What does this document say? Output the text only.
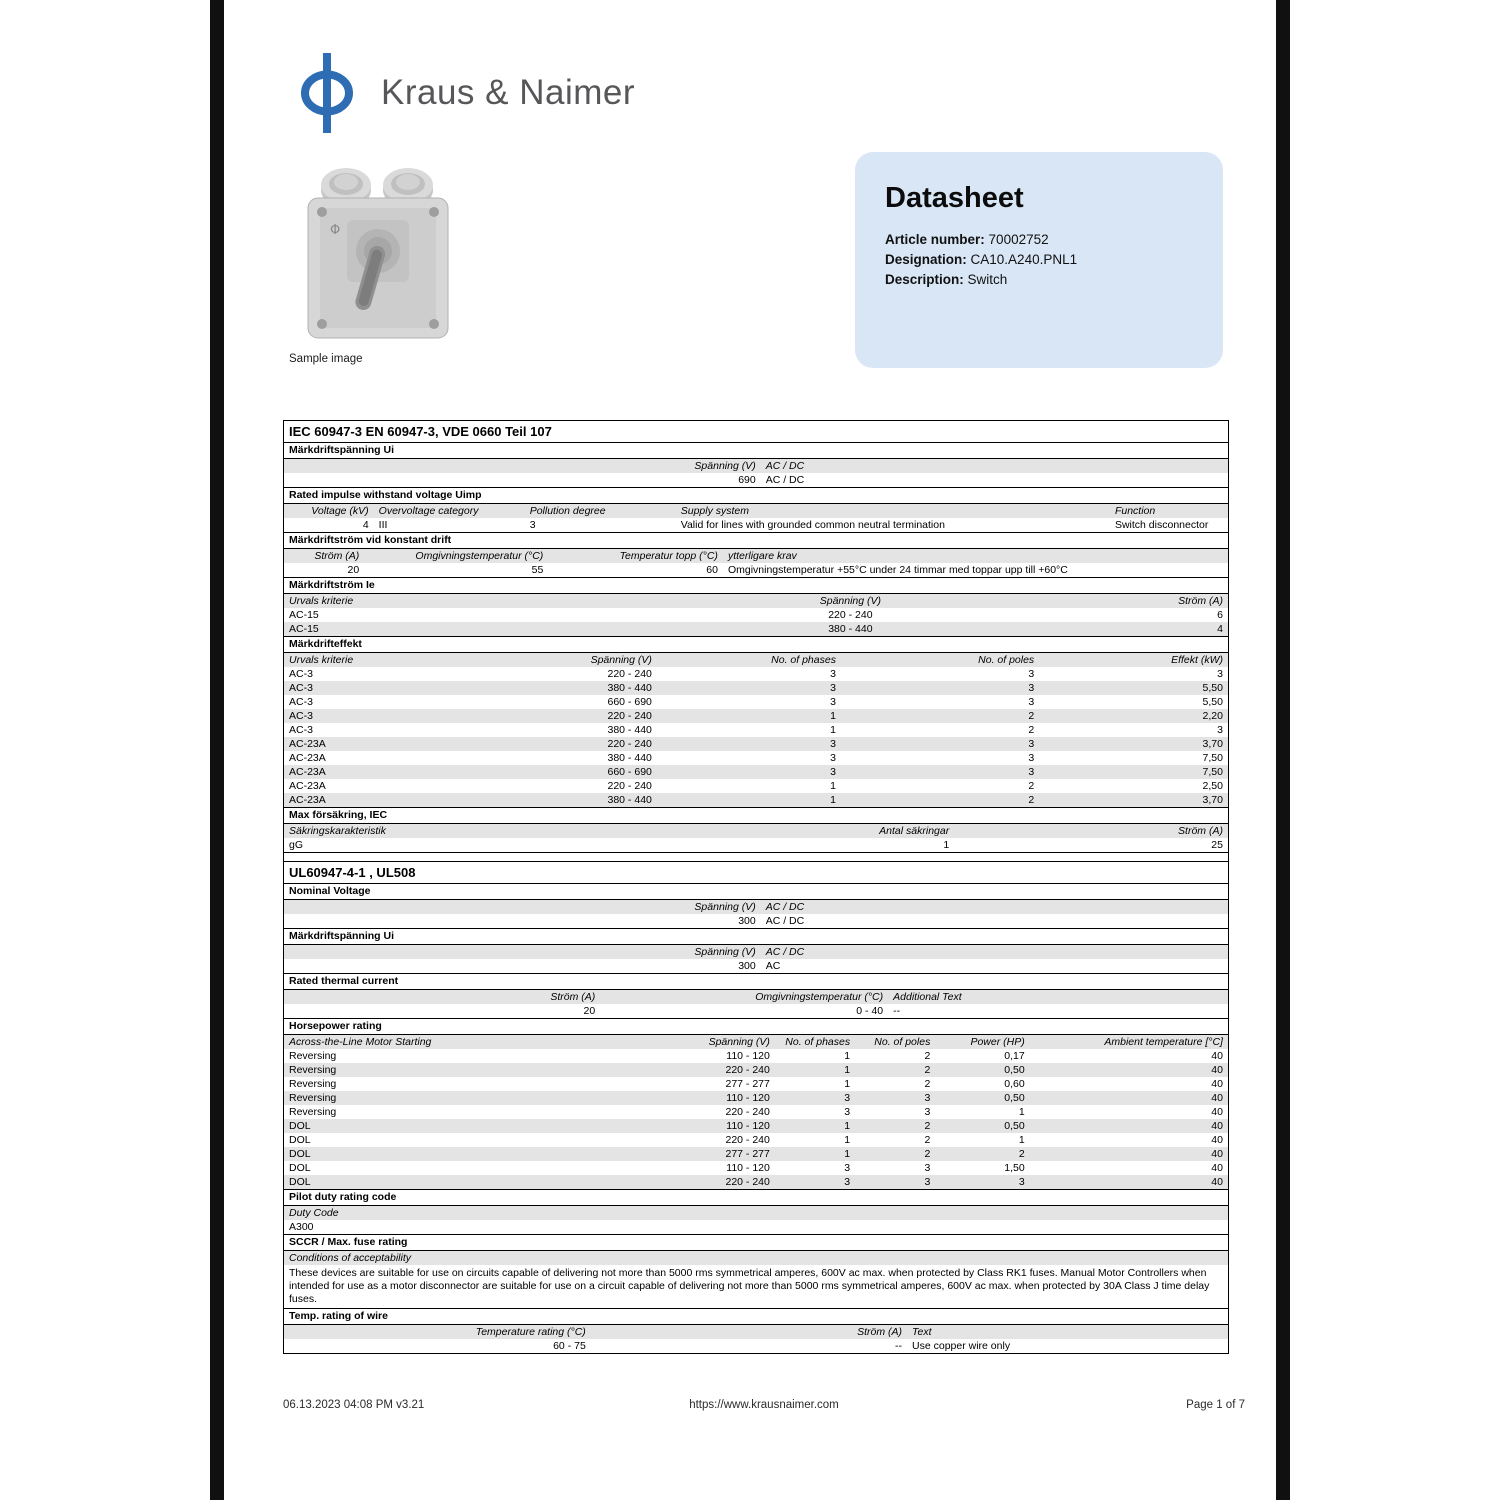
Kraus & Naimer
Φ
Sample image
Datasheet
Article number: 70002752
Designation: CA10.A240.PNL1
Description: Switch
IEC 60947-3 EN 60947-3, VDE 0660 Teil 107
Märkdriftspänning Ui
Spänning (V) AC / DC
690 AC / DC
Rated impulse withstand voltage Uimp
Voltage (kV) Overvoltage category	Pollution degree	Supply system	Function
4 III	3	Valid for lines with grounded common neutral termination	Switch disconnector
Märkdriftström vid konstant drift
Ström (A)	Omgivningstemperatur (°C)	Temperatur topp (°C) ytterligare krav
20	55	60 Omgivningstemperatur +55°C under 24 timmar med toppar upp till +60°C
Märkdriftström Ie
Urvals kriterie	Spänning (V)	Ström (A)
AC-15	220 - 240	6
AC-15	380 - 440	4
Märkdrifteffekt
Urvals kriterie	Spänning (V)	No. of phases	No. of poles	Effekt (kW)
AC-3	220 - 240	3	3	3
AC-3	380 - 440	3	3	5,50
AC-3	660 - 690	3	3	5,50
AC-3	220 - 240	1	2	2,20
AC-3	380 - 440	1	2	3
AC-23A	220 - 240	3	3	3,70
AC-23A	380 - 440	3	3	7,50
AC-23A	660 - 690	3	3	7,50
AC-23A	220 - 240	1	2	2,50
AC-23A	380 - 440	1	2	3,70
Max försäkring, IEC
Säkringskarakteristik	Antal säkringar	Ström (A)
gG	1	25
UL60947-4-1 , UL508
Nominal Voltage
Spänning (V) AC / DC
300 AC / DC
Märkdriftspänning Ui
Spänning (V) AC / DC
300 AC
Rated thermal current
Ström (A)	Omgivningstemperatur (°C) Additional Text
20	0 - 40 --
Horsepower rating
Across-the-Line Motor Starting	Spänning (V)	No. of phases	No. of poles	Power (HP)	Ambient temperature [°C]
Reversing	110 - 120	1	2	0,17	40
Reversing	220 - 240	1	2	0,50	40
Reversing	277 - 277	1	2	0,60	40
Reversing	110 - 120	3	3	0,50	40
Reversing	220 - 240	3	3	1	40
DOL	110 - 120	1	2	0,50	40
DOL	220 - 240	1	2	1	40
DOL	277 - 277	1	2	2	40
DOL	110 - 120	3	3	1,50	40
DOL	220 - 240	3	3	3	40
Pilot duty rating code
Duty Code
A300
SCCR / Max. fuse rating
Conditions of acceptability
These devices are suitable for use on circuits capable of delivering not more than 5000 rms symmetrical amperes, 600V ac max. when protected by Class RK1 fuses. Manual Motor Controllers when intended for use as a motor disconnector are suitable for use on a circuit capable of delivering not more than 5000 rms symmetrical amperes, 600V ac max. when protected by 30A Class J time delay fuses.
Temp. rating of wire
Temperature rating (°C)	Ström (A) Text
60 - 75	-- Use copper wire only
06.13.2023 04:08 PM v3.21	https://www.krausnaimer.com	Page 1 of 7
